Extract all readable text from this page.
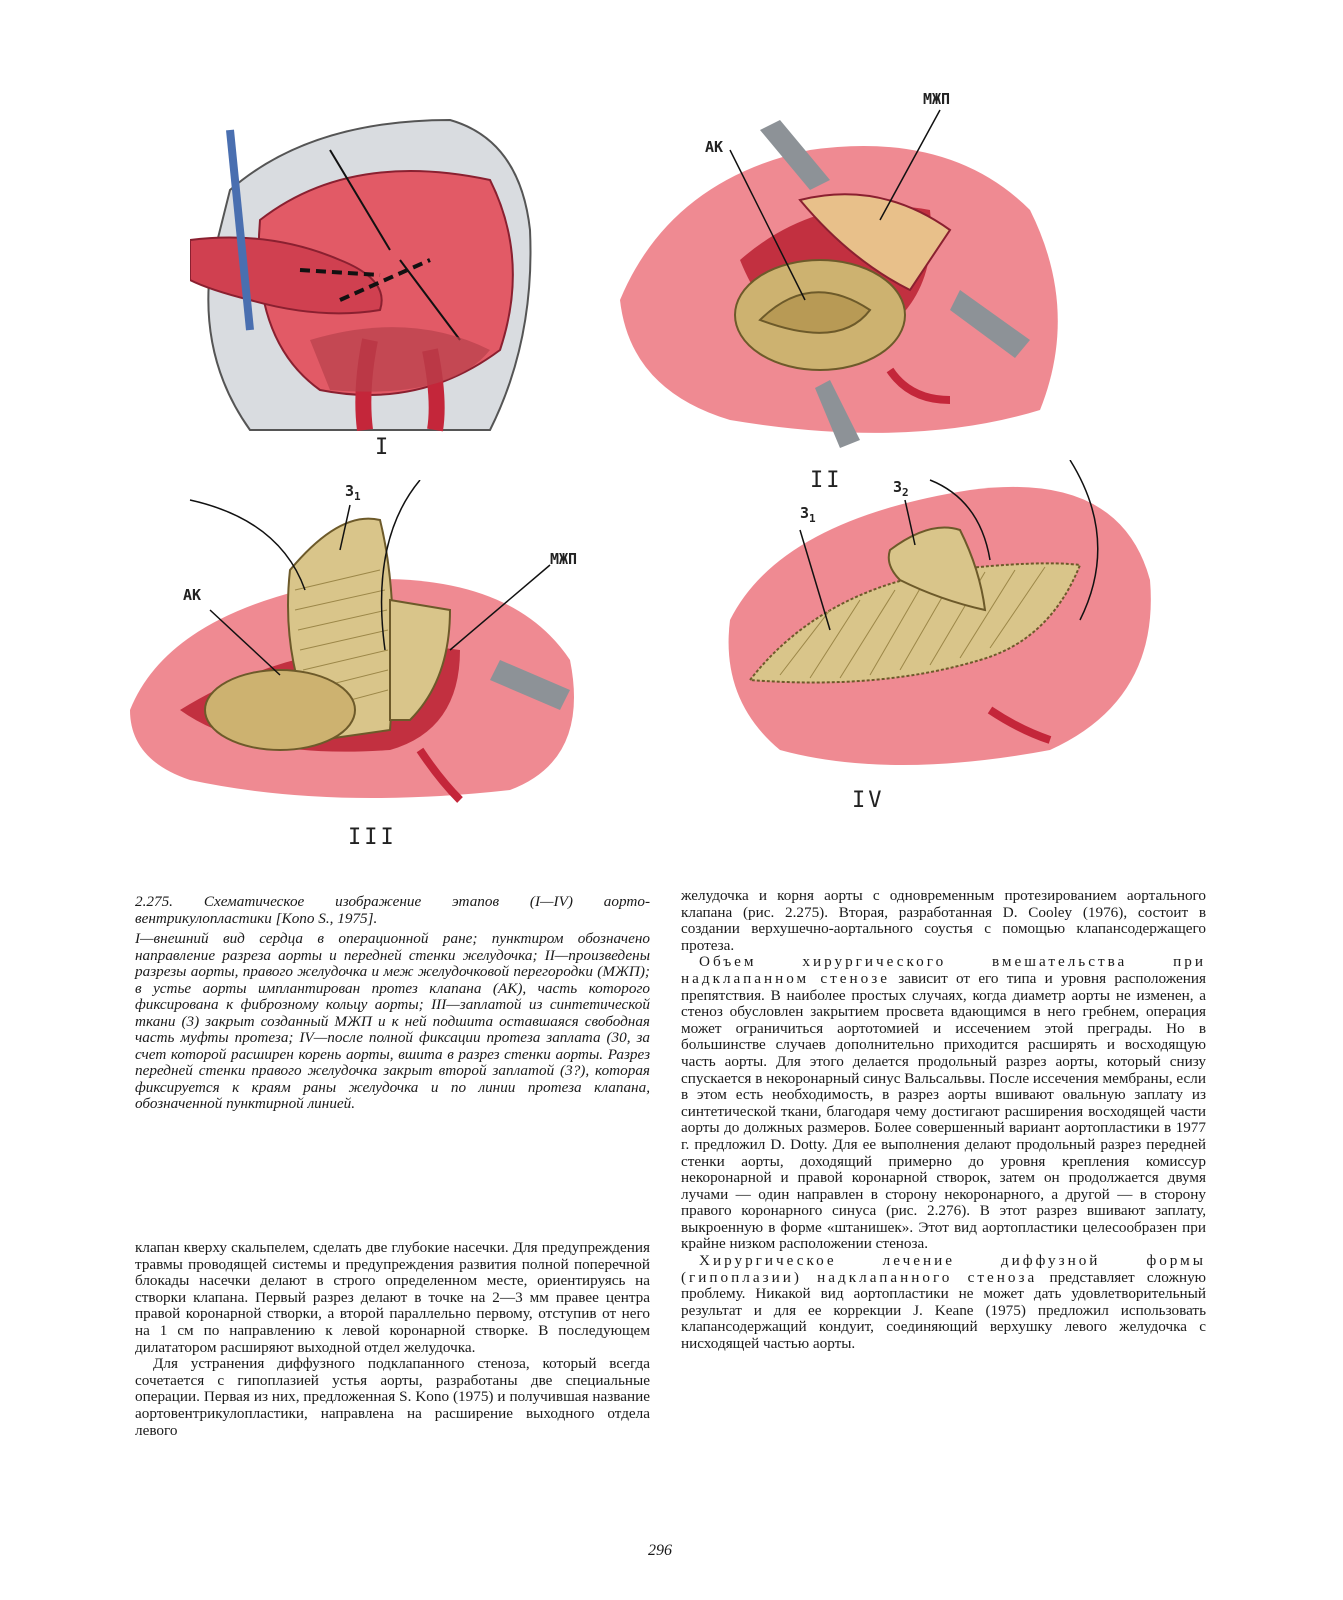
I
АК
МЖП
II
АК
МЖП
$3_1$
III
$3_1$
$3_2$
IV

2.275. Схематическое изображение этапов (I—IV) аорто-вентрикулопластики [Kono S., 1975].

I—внешний вид сердца в операционной ране; пунктиром обозначено направление разреза аорты и передней стенки желудочка; II—произведены разрезы аорты, правого желудочка и меж желудочковой перегородки (МЖП); в устье аорты имплантирован протез клапана (АК), часть которого фиксирована к фиброзному кольцу аорты; III—заплатой из синтетической ткани (3) закрыт созданный МЖП и к ней подшита оставшаяся свободная часть муфты протеза; IV—после полной фиксации протеза заплата (30, за счет которой расширен корень аорты, вшита в разрез стенки аорты. Разрез передней стенки правого желудочка закрыт второй заплатой (3?), которая фиксируется к краям раны желудочка и по линии протеза клапана, обозначенной пунктирной линией.

клапан кверху скальпелем, сделать две глубокие насечки. Для предупреждения травмы проводящей системы и предупреждения развития полной поперечной блокады насечки делают в строго определенном месте, ориентируясь на створки клапана. Первый разрез делают в точке на 2—3 мм правее центра правой коронарной створки, а второй параллельно первому, отступив от него на 1 см по направлению к левой коронарной створке. В последующем дилататором расширяют выходной отдел желудочка.

Для устранения диффузного подклапанного стеноза, который всегда сочетается с гипоплазией устья аорты, разработаны две специальные операции. Первая из них, предложенная S. Kono (1975) и получившая название аортовентрикулопластики, направлена на расширение выходного отдела левого

желудочка и корня аорты с одновременным протезированием аортального клапана (рис. 2.275). Вторая, разработанная D. Cooley (1976), состоит в создании верхушечно-аортального соустья с помощью клапансодержащего протеза.

Объем хирургического вмешательства при надклапанном стенозе зависит от его типа и уровня расположения препятствия. В наиболее простых случаях, когда диаметр аорты не изменен, а стеноз обусловлен закрытием просвета вдающимся в него гребнем, операция может ограничиться аортотомией и иссечением этой преграды. Но в большинстве случаев дополнительно приходится расширять и восходящую часть аорты. Для этого делается продольный разрез аорты, который снизу спускается в некоронарный синус Вальсальвы. После иссечения мембраны, если в этом есть необходимость, в разрез аорты вшивают овальную заплату из синтетической ткани, благодаря чему достигают расширения восходящей части аорты до должных размеров. Более совершенный вариант аортопластики в 1977 г. предложил D. Dotty. Для ее выполнения делают продольный разрез передней стенки аорты, доходящий примерно до уровня крепления комиссур некоронарной и правой коронарной створок, затем он продолжается двумя лучами — один направлен в сторону некоронарного, а другой — в сторону правого коронарного синуса (рис. 2.276). В этот разрез вшивают заплату, выкроенную в форме «штанишек». Этот вид аортопластики целесообразен при крайне низком расположении стеноза.

Хирургическое лечение диффузной формы (гипоплазии) надклапанного стеноза представляет сложную проблему. Никакой вид аортопластики не может дать удовлетворительный результат и для ее коррекции J. Keane (1975) предложил использовать клапансодержащий кондуит, соединяющий верхушку левого желудочка с нисходящей частью аорты.

296
